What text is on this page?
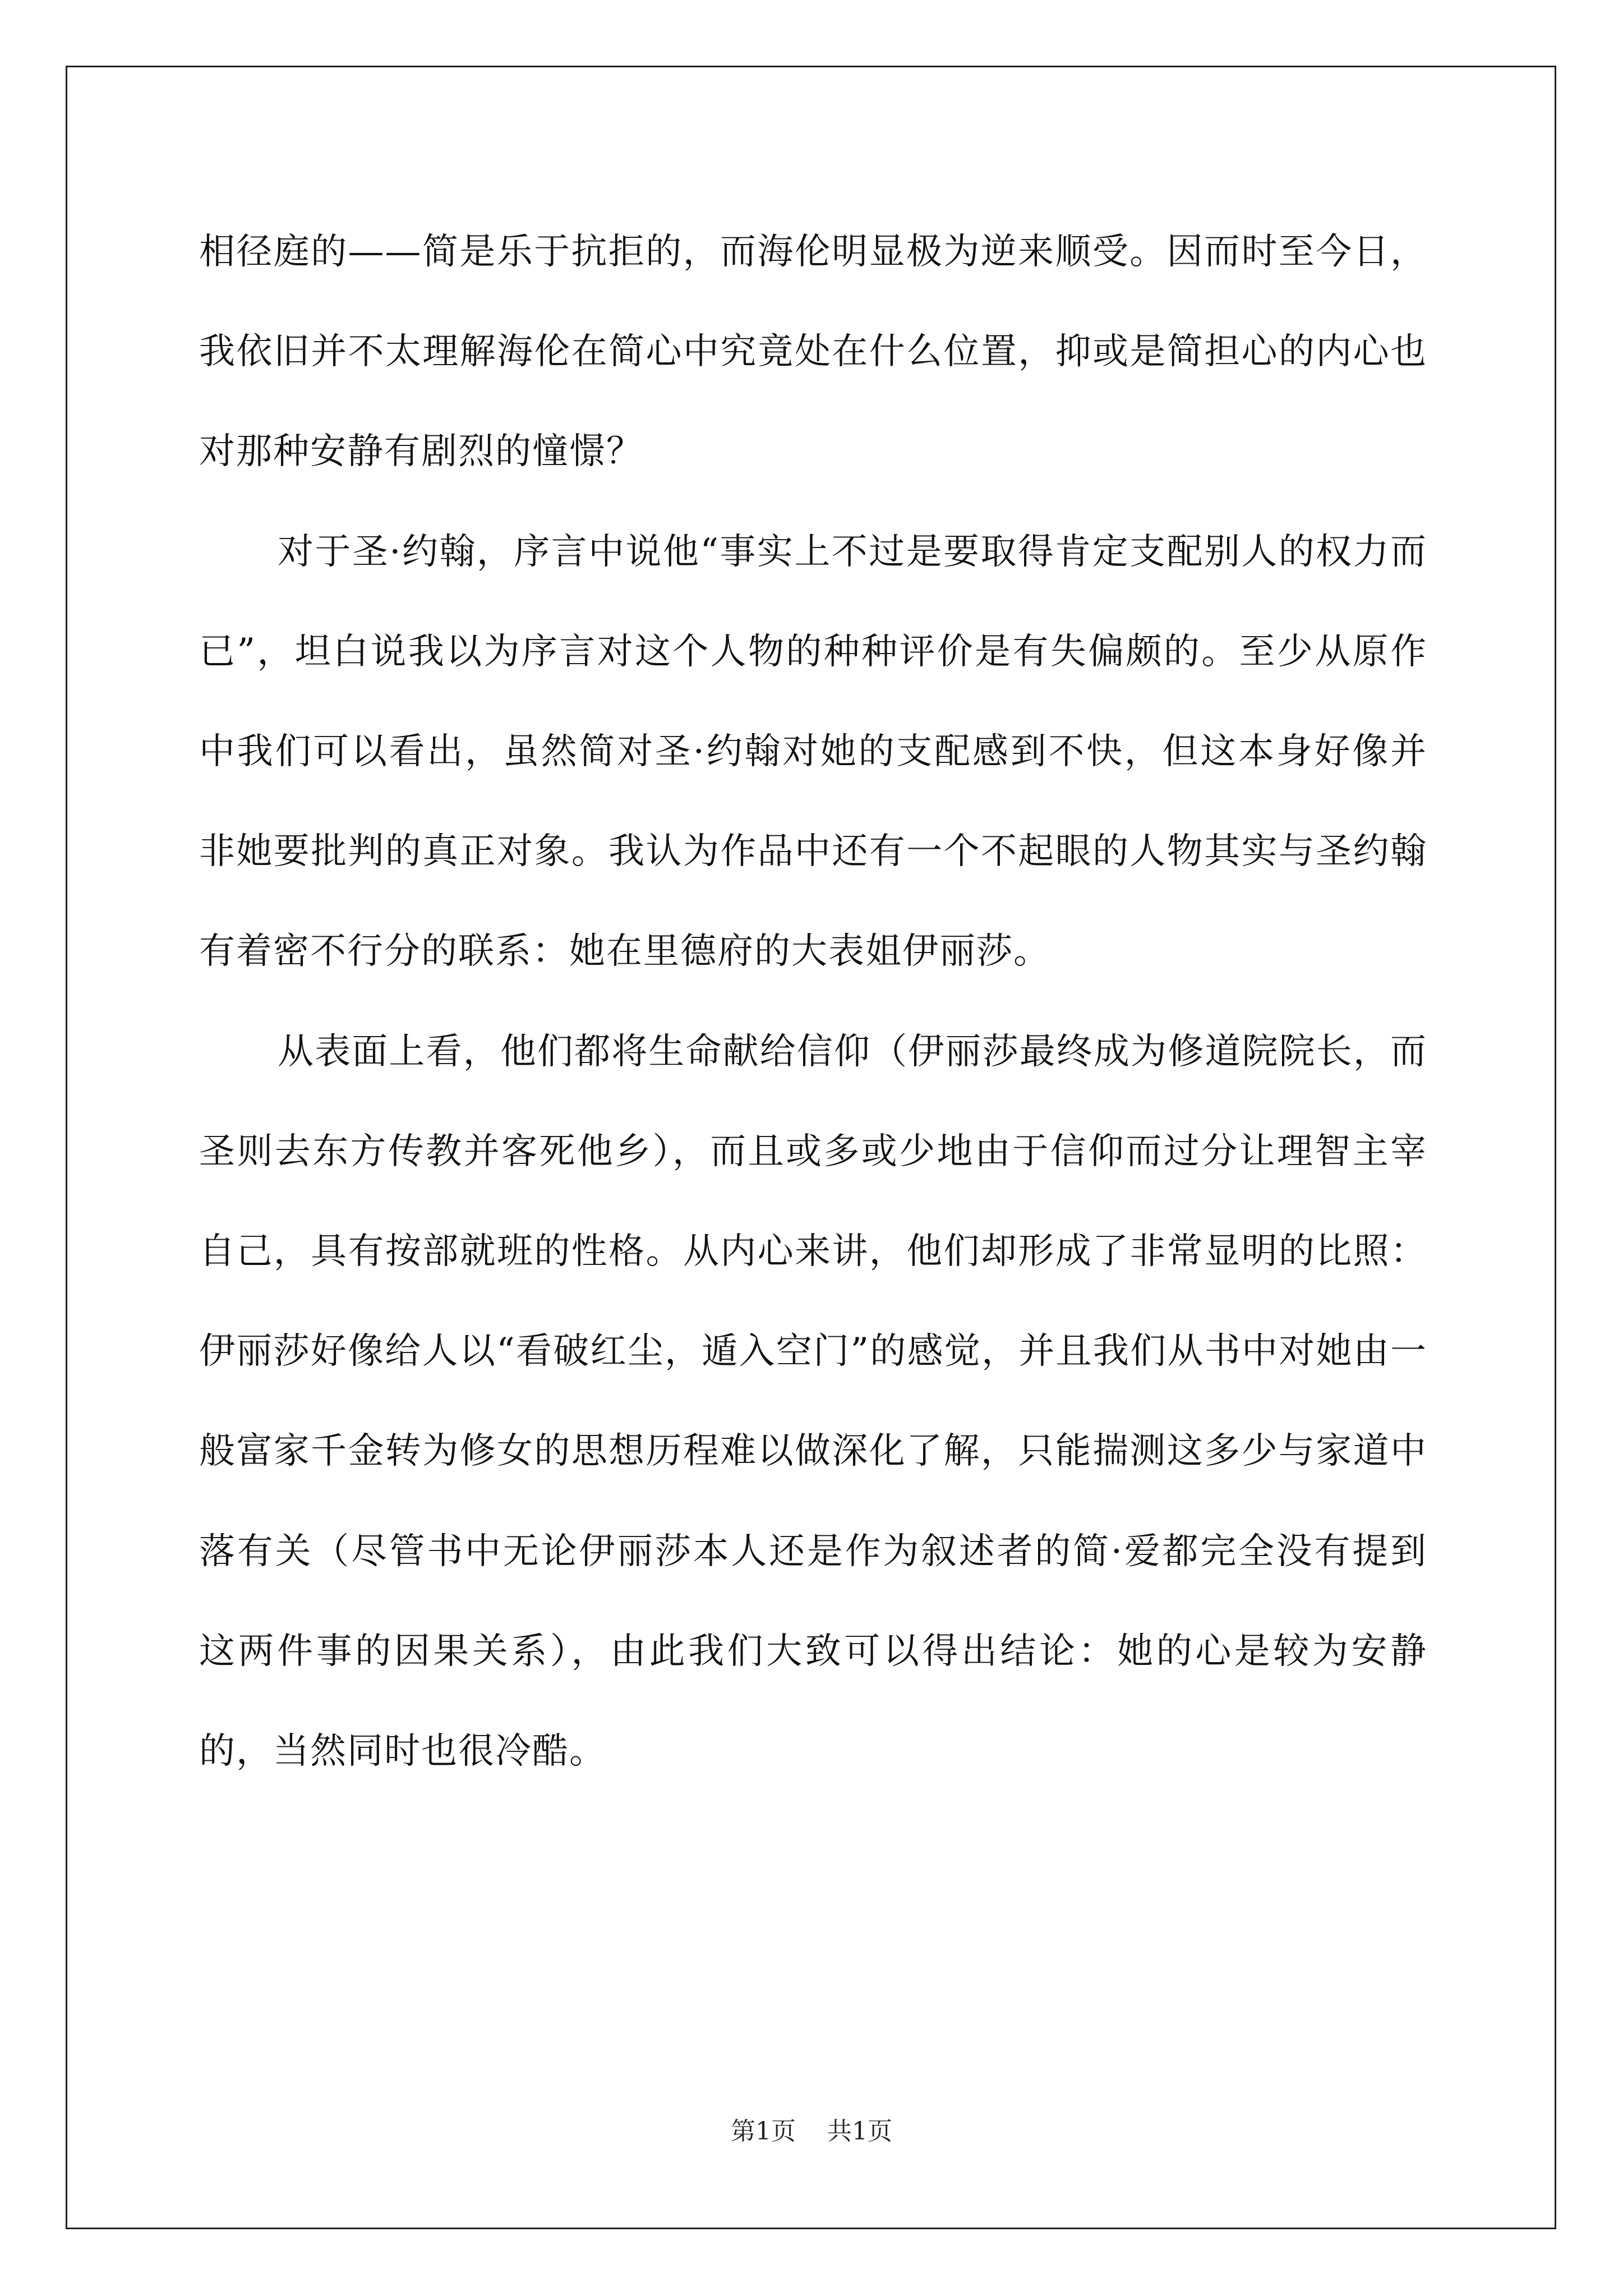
相径庭的——简是乐于抗拒的，而海伦明显极为逆来顺受。因而时至今日，我依旧并不太理解海伦在简心中究竟处在什么位置，抑或是简担心的内心也对那种安静有剧烈的憧憬？

对于圣·约翰，序言中说他“事实上不过是要取得肯定支配别人的权力而已”，坦白说我以为序言对这个人物的种种评价是有失偏颇的。至少从原作中我们可以看出，虽然简对圣·约翰对她的支配感到不快，但这本身好像并非她要批判的真正对象。我认为作品中还有一个不起眼的人物其实与圣约翰有着密不行分的联系：她在里德府的大表姐伊丽莎。

从表面上看，他们都将生命献给信仰（伊丽莎最终成为修道院院长，而圣则去东方传教并客死他乡），而且或多或少地由于信仰而过分让理智主宰自己，具有按部就班的性格。从内心来讲，他们却形成了非常显明的比照：伊丽莎好像给人以“看破红尘，遁入空门”的感觉，并且我们从书中对她由一般富家千金转为修女的思想历程难以做深化了解，只能揣测这多少与家道中落有关（尽管书中无论伊丽莎本人还是作为叙述者的简·爱都完全没有提到这两件事的因果关系），由此我们大致可以得出结论：她的心是较为安静的，当然同时也很冷酷。

第1页 共1页
